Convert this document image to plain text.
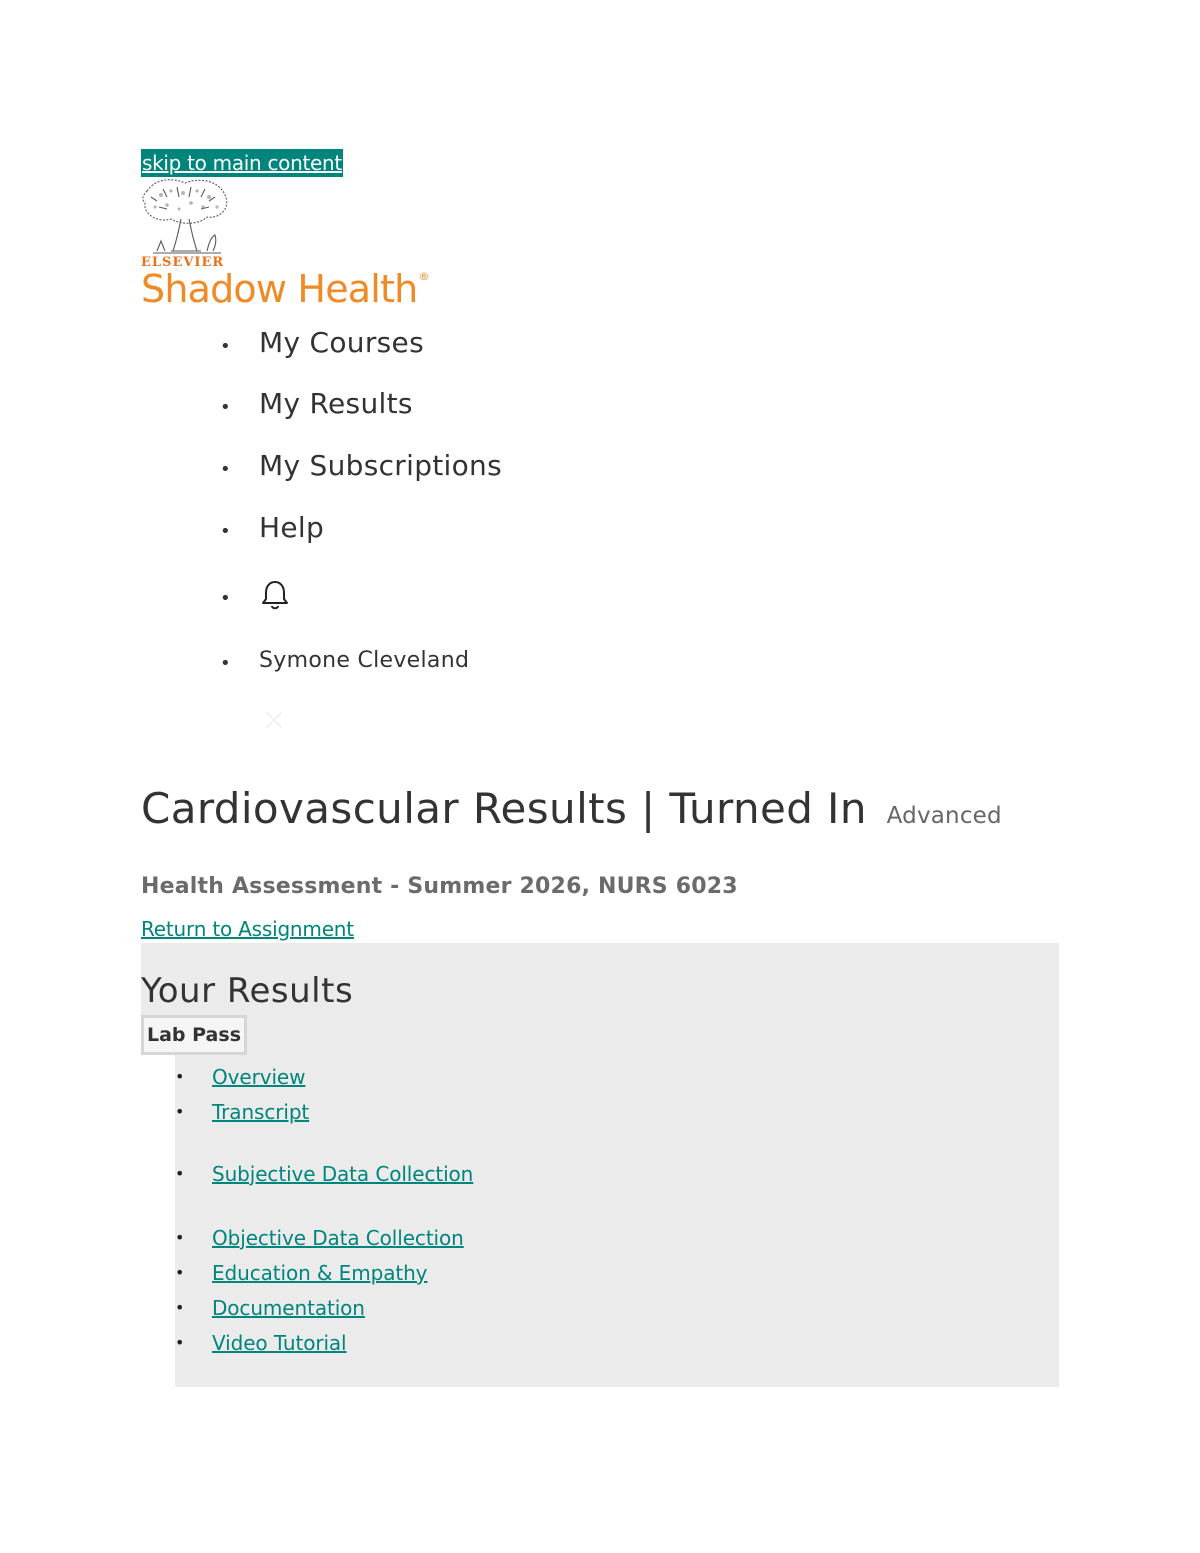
skip to main content
ELSEVIER
Shadow Health®
• My Courses
• My Results
• My Subscriptions
• Help
•
• Symone Cleveland
Cardiovascular Results | Turned In Advanced
Health Assessment - Summer 2026, NURS 6023
Return to Assignment
Your Results
Lab Pass
• Overview
• Transcript
• Subjective Data Collection
• Objective Data Collection
• Education & Empathy
• Documentation
• Video Tutorial
